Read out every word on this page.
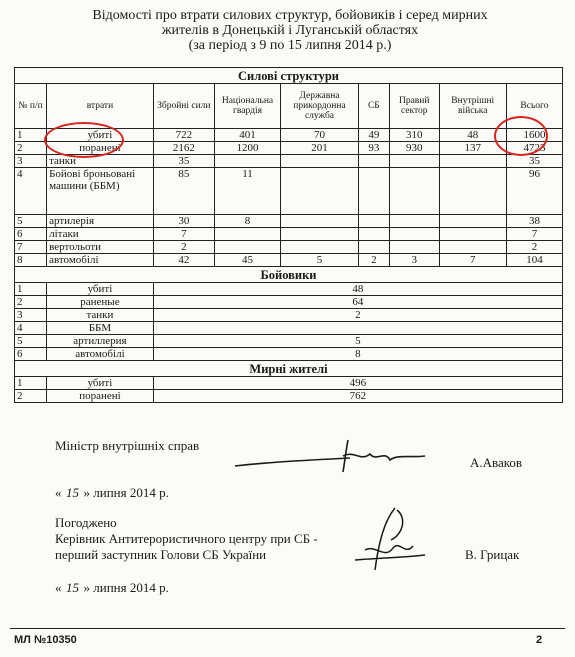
Відомості про втрати силових структур, бойовиків і серед мирних
жителів в Донецькій і Луганській областях
(за період з 9 по 15 липня 2014 р.)
Силові структури								
№ п/п	втрати	Збройні сили	Національна гвардія	Державна прикордонна служба	СБ	Правий сектор	Внутрішні війська	Всього
1	убиті	722	401	70	49	310	48	1600
2	поранені	2162	1200	201	93	930	137	4723
3	танки	35						35
4	Бойові броньовані машини (ББМ)	85	11					96
5	артилерія	30	8					38
6	літаки	7						7
7	вертольоти	2						2
8	автомобілі	42	45	5	2	3	7	104
Бойовики								
1	убиті	48						
2	раненые	64						
3	танки	2						
4	ББМ							
5	артиллерия	5						
6	автомобілі	8						
Мирні жителі								
1	убиті	496						
2	поранені	762						
Міністр внутрішніх справ
А.Аваков
« 15 » липня 2014 р.
Погоджено
Керівник Антитерористичного центру при СБ -
перший заступник Голови СБ України	В. Грицак
« 15 » липня 2014 р.
МЛ №10350	2
